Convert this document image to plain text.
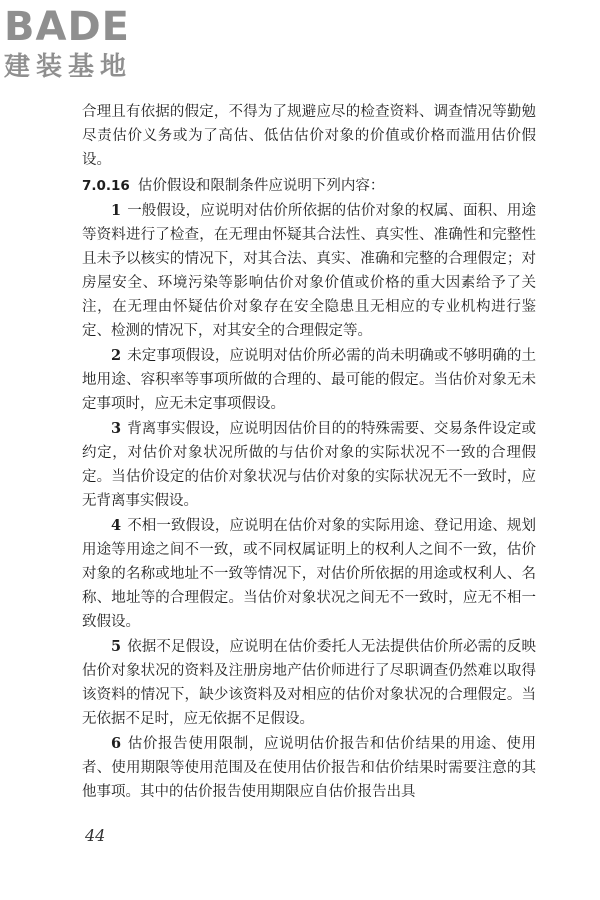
BADE
建装基地

合理且有依据的假定，不得为了规避应尽的检查资料、调查情况等勤勉尽责估价义务或为了高估、低估估价对象的价值或价格而滥用估价假设。

7.0.16 估价假设和限制条件应说明下列内容：

1 一般假设，应说明对估价所依据的估价对象的权属、面积、用途等资料进行了检查，在无理由怀疑其合法性、真实性、准确性和完整性且未予以核实的情况下，对其合法、真实、准确和完整的合理假定；对房屋安全、环境污染等影响估价对象价值或价格的重大因素给予了关注，在无理由怀疑估价对象存在安全隐患且无相应的专业机构进行鉴定、检测的情况下，对其安全的合理假定等。

2 未定事项假设，应说明对估价所必需的尚未明确或不够明确的土地用途、容积率等事项所做的合理的、最可能的假定。当估价对象无未定事项时，应无未定事项假设。

3 背离事实假设，应说明因估价目的的特殊需要、交易条件设定或约定，对估价对象状况所做的与估价对象的实际状况不一致的合理假定。当估价设定的估价对象状况与估价对象的实际状况无不一致时，应无背离事实假设。

4 不相一致假设，应说明在估价对象的实际用途、登记用途、规划用途等用途之间不一致，或不同权属证明上的权利人之间不一致，估价对象的名称或地址不一致等情况下，对估价所依据的用途或权利人、名称、地址等的合理假定。当估价对象状况之间无不一致时，应无不相一致假设。

5 依据不足假设，应说明在估价委托人无法提供估价所必需的反映估价对象状况的资料及注册房地产估价师进行了尽职调查仍然难以取得该资料的情况下，缺少该资料及对相应的估价对象状况的合理假定。当无依据不足时，应无依据不足假设。

6 估价报告使用限制，应说明估价报告和估价结果的用途、使用者、使用期限等使用范围及在使用估价报告和估价结果时需要注意的其他事项。其中的估价报告使用期限应自估价报告出具

44
